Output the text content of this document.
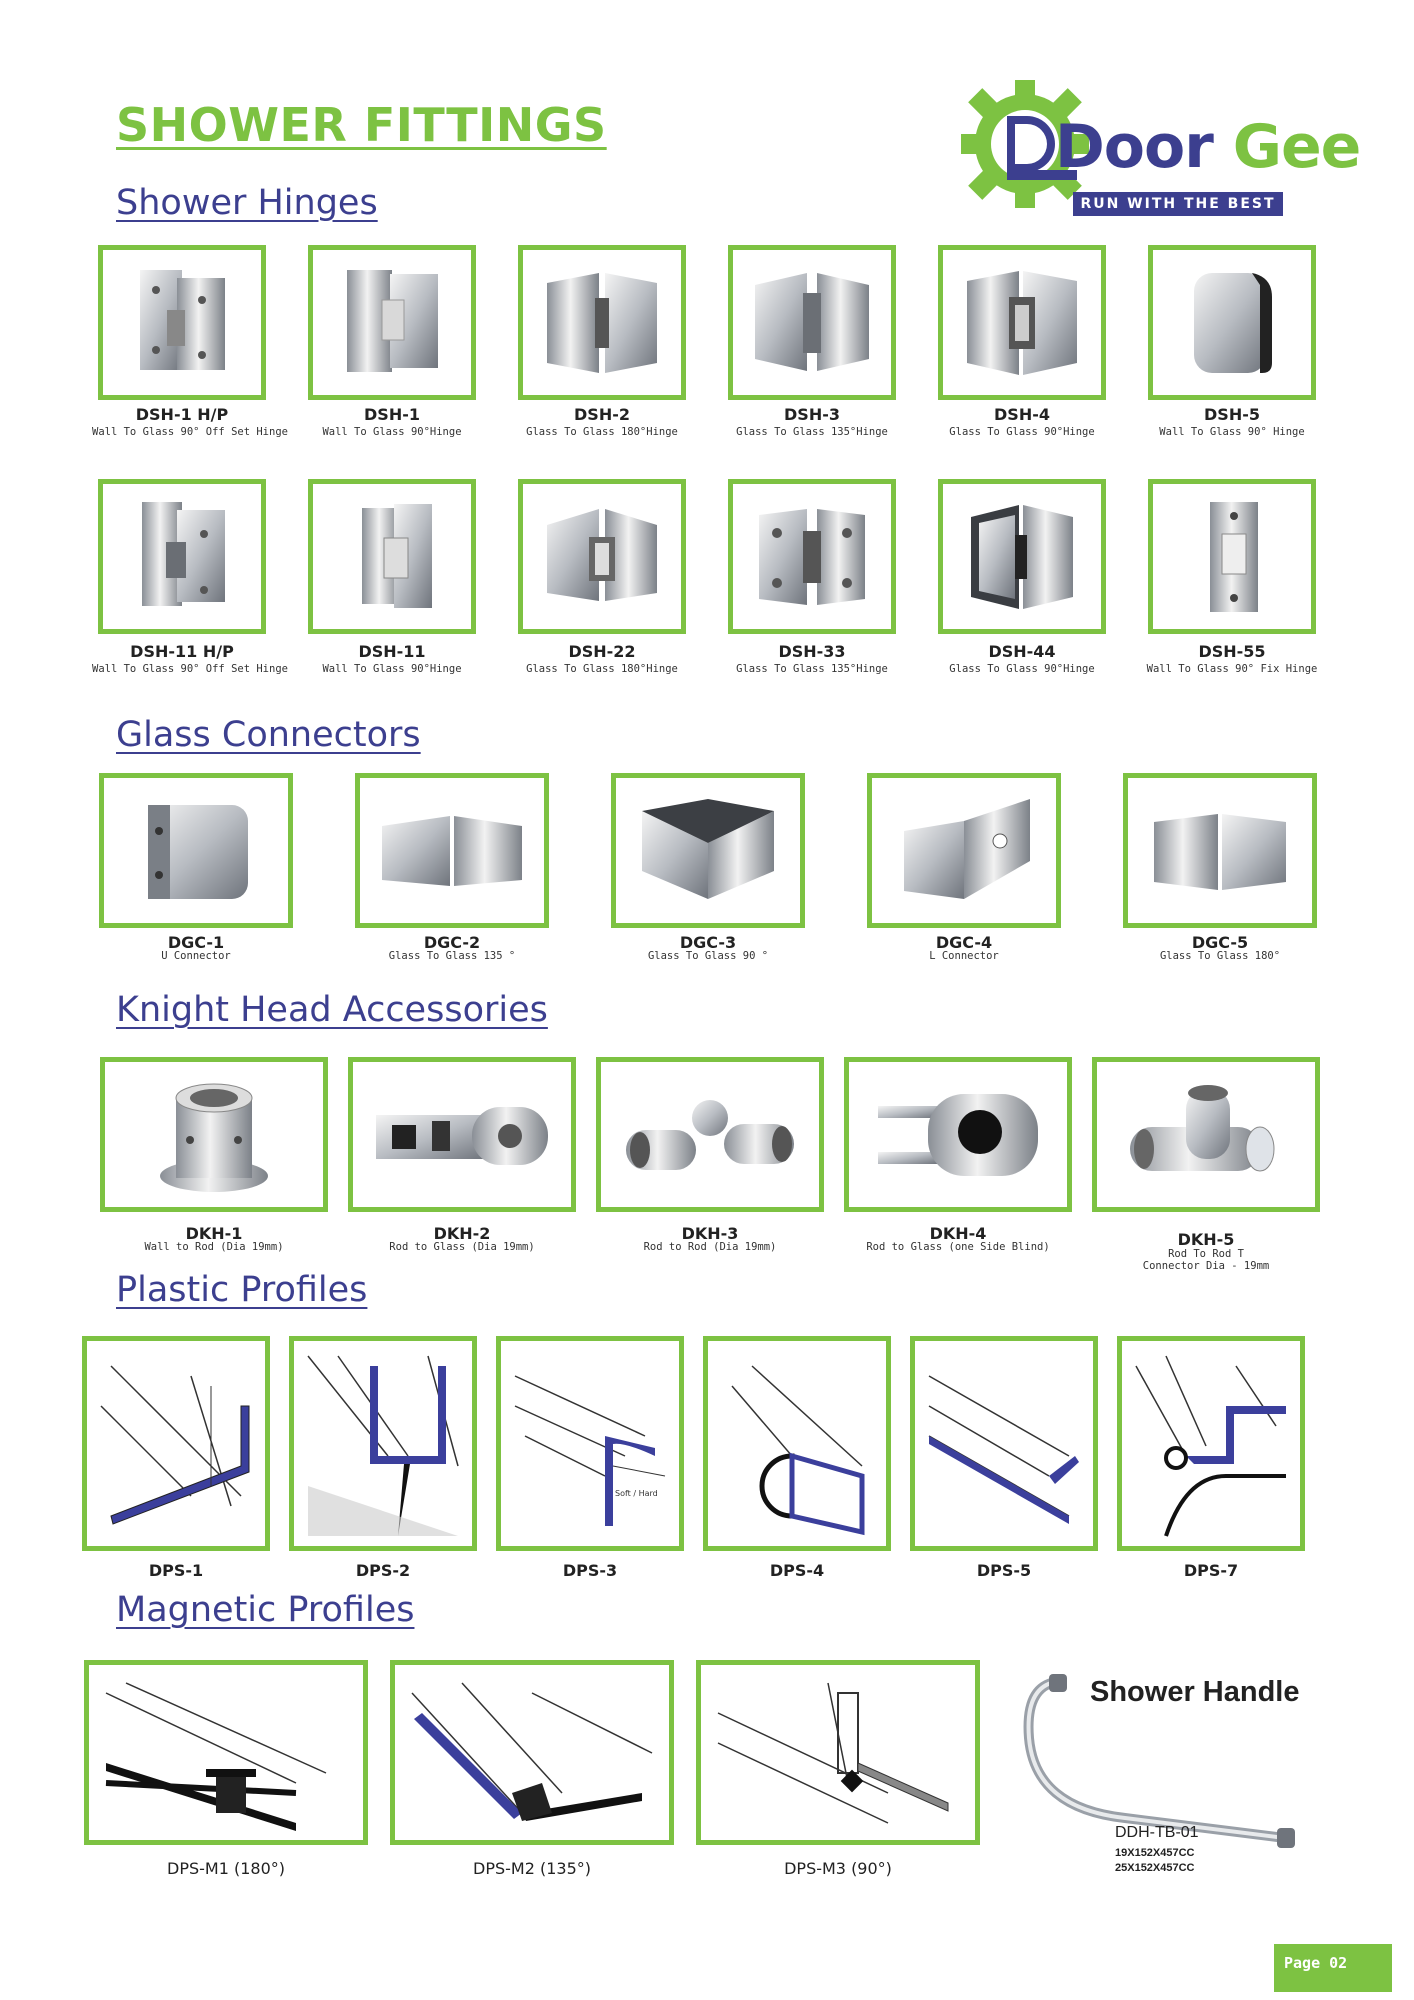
SHOWER FITTINGS	Door Gee
RUN WITH THE BEST
Shower Hinges
Glass Connectors
Knight Head Accessories
Plastic Profiles
Magnetic Profiles
DSH-1 H/P
Wall To Glass 90° Off Set Hinge
DSH-1
Wall To Glass 90°Hinge
DSH-2
Glass To Glass 180°Hinge
DSH-3
Glass To Glass 135°Hinge
DSH-4
Glass To Glass 90°Hinge
DSH-5
Wall To Glass 90° Hinge
DSH-11 H/P
Wall To Glass 90° Off Set Hinge
DSH-11
Wall To Glass 90°Hinge
DSH-22
Glass To Glass 180°Hinge
DSH-33
Glass To Glass 135°Hinge
DSH-44
Glass To Glass 90°Hinge
DSH-55
Wall To Glass 90° Fix Hinge
DGC-1
U Connector
DGC-2
Glass To Glass 135 °
DGC-3
Glass To Glass 90 °
DGC-4
L Connector
DGC-5
Glass To Glass 180°
DKH-1
Wall to Rod (Dia 19mm)
DKH-2
Rod to Glass (Dia 19mm)
DKH-3
Rod to Rod (Dia 19mm)
DKH-4
Rod to Glass (one Side Blind)	DKH-5
Rod To Rod T
Connector Dia - 19mm
DPS-1	DPS-2
Soft / Hard
DPS-3	DPS-4	DPS-5	DPS-7
DPS-M1 (180°)	DPS-M2 (135°)	DPS-M3 (90°)
Shower Handle
DDH-TB-01
19X152X457CC
25X152X457CC
Page 02
